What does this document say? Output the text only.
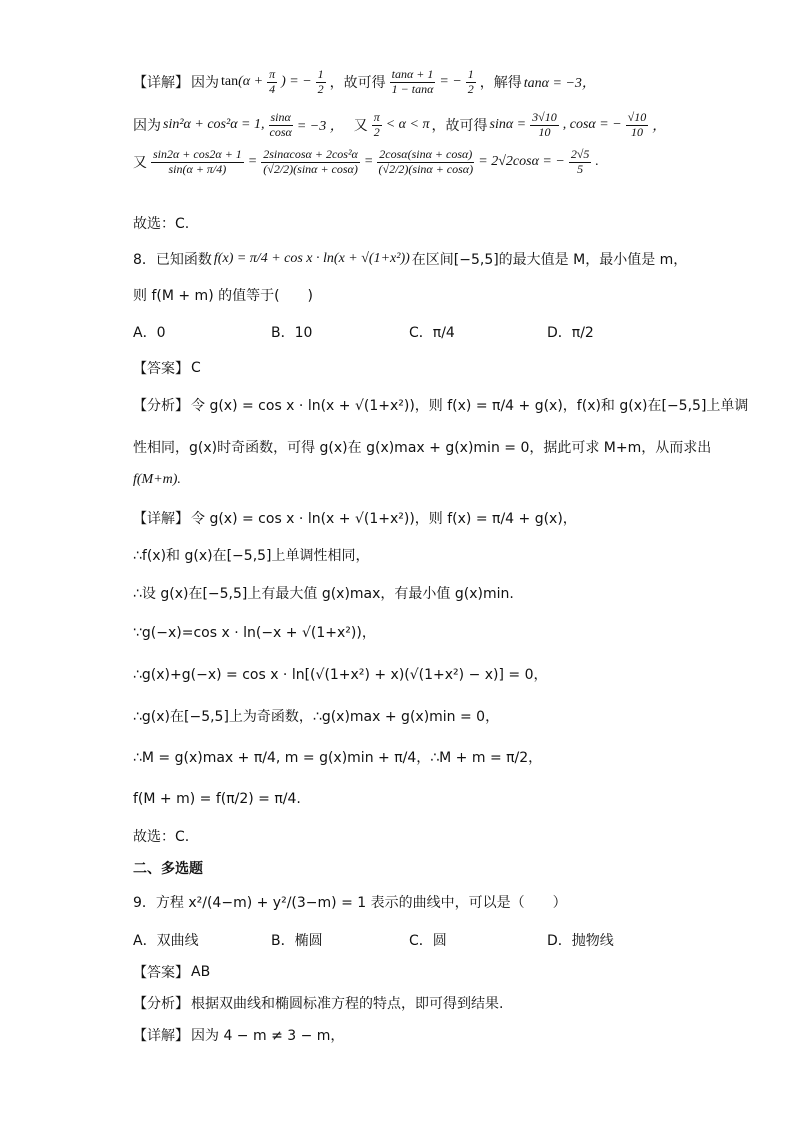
【详解】 因为 $\tan(\alpha + \frac{\pi}{4}$ ) = − $\frac{1}{2}$ ，故可得 $\frac{\tan\alpha + 1}{1 - \tan\alpha}$ = − $\frac{1}{2}$ ，解得 tanα = −3，
因为 sin²α + cos²α = 1, $\frac{\sin\alpha}{\cos\alpha} = -3$ ， 又 $\frac{\pi}{2} < \alpha < \pi$ ，故可得 $\sin\alpha = \frac{3√10}{10}$ , cosα = − $\frac{√10}{10}$ ，
又 $\frac{\sin 2\alpha + \cos 2\alpha + 1}{\sin(\alpha + \pi/4)} = \frac{\text{2sinαcosα + 2cos²α}}{(√2/2)(\sin\alpha + \cos\alpha)} = \frac{2\cos\alpha(\sin\alpha + \cos\alpha)}{(√2/2)(\sin\alpha + \cos\alpha)} = 2√2\cos\alpha$ = − $\frac{2√5}{5}$ .
故选：C.
8．已知函数 f(x) = π/4 + cos x · ln(x + √(1+x²)) 在区间[−5,5]的最大值是 M，最小值是 m，
则 f(M + m) 的值等于(　　)
A．0	B．10	C．π/4	D．π/2
【答案】 C
【分析】 令 g(x) = cos x · ln(x + √(1+x²))，则 f(x) = π/4 + g(x)，f(x)和 g(x)在[−5,5]上单调
性相同，g(x)时奇函数，可得 g(x)在 g(x)max + g(x)min = 0，据此可求 M+m，从而求出
f(M+m).
【详解】 令 g(x) = cos x · ln(x + √(1+x²))，则 f(x) = π/4 + g(x)，
∴f(x)和 g(x)在[−5,5]上单调性相同，
∴设 g(x)在[−5,5]上有最大值 g(x)max，有最小值 g(x)min.
∵g(−x)=cos x · ln(−x + √(1+x²))，
∴g(x)+g(−x) = cos x · ln[(√(1+x²) + x)(√(1+x²) − x)] = 0，
∴g(x)在[−5,5]上为奇函数，∴g(x)max + g(x)min = 0，
∴M = g(x)max + π/4, m = g(x)min + π/4，∴M + m = π/2，
f(M + m) = f(π/2) = π/4.
故选：C.
二、多选题
9．方程 x²/(4−m) + y²/(3−m) = 1 表示的曲线中，可以是（　　）
A．双曲线	B．椭圆	C．圆	D．抛物线
【答案】 AB
【分析】 根据双曲线和椭圆标准方程的特点，即可得到结果.
【详解】 因为 4 − m ≠ 3 − m，
